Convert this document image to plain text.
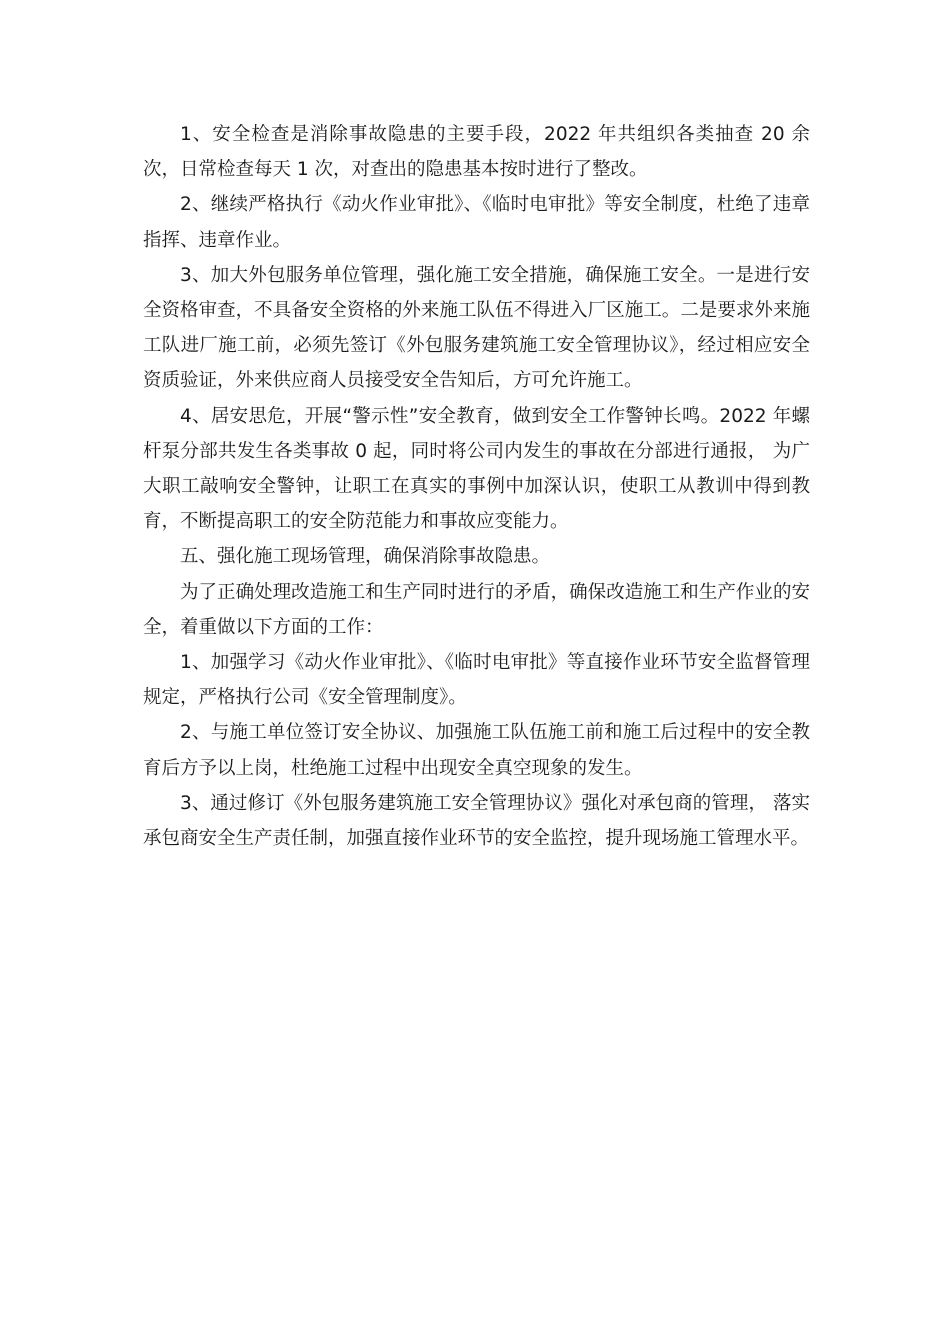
1、安全检查是消除事故隐患的主要手段，2022 年共组织各类抽查 20 余次，日常检查每天 1 次，对查出的隐患基本按时进行了整改。

2、继续严格执行《动火作业审批》、《临时电审批》等安全制度，杜绝了违章指挥、违章作业。

3、加大外包服务单位管理，强化施工安全措施，确保施工安全。一是进行安全资格审查，不具备安全资格的外来施工队伍不得进入厂区施工。二是要求外来施工队进厂施工前，必须先签订《外包服务建筑施工安全管理协议》，经过相应安全资质验证，外来供应商人员接受安全告知后，方可允许施工。

4、居安思危，开展“警示性”安全教育，做到安全工作警钟长鸣。2022 年螺杆泵分部共发生各类事故 0 起，同时将公司内发生的事故在分部进行通报， 为广大职工敲响安全警钟，让职工在真实的事例中加深认识，使职工从教训中得到教育，不断提高职工的安全防范能力和事故应变能力。

五、强化施工现场管理，确保消除事故隐患。

为了正确处理改造施工和生产同时进行的矛盾，确保改造施工和生产作业的安全，着重做以下方面的工作：

1、加强学习《动火作业审批》、《临时电审批》等直接作业环节安全监督管理规定，严格执行公司《安全管理制度》。

2、与施工单位签订安全协议、加强施工队伍施工前和施工后过程中的安全教育后方予以上岗，杜绝施工过程中出现安全真空现象的发生。

3、通过修订《外包服务建筑施工安全管理协议》强化对承包商的管理， 落实承包商安全生产责任制，加强直接作业环节的安全监控，提升现场施工管理水平。
